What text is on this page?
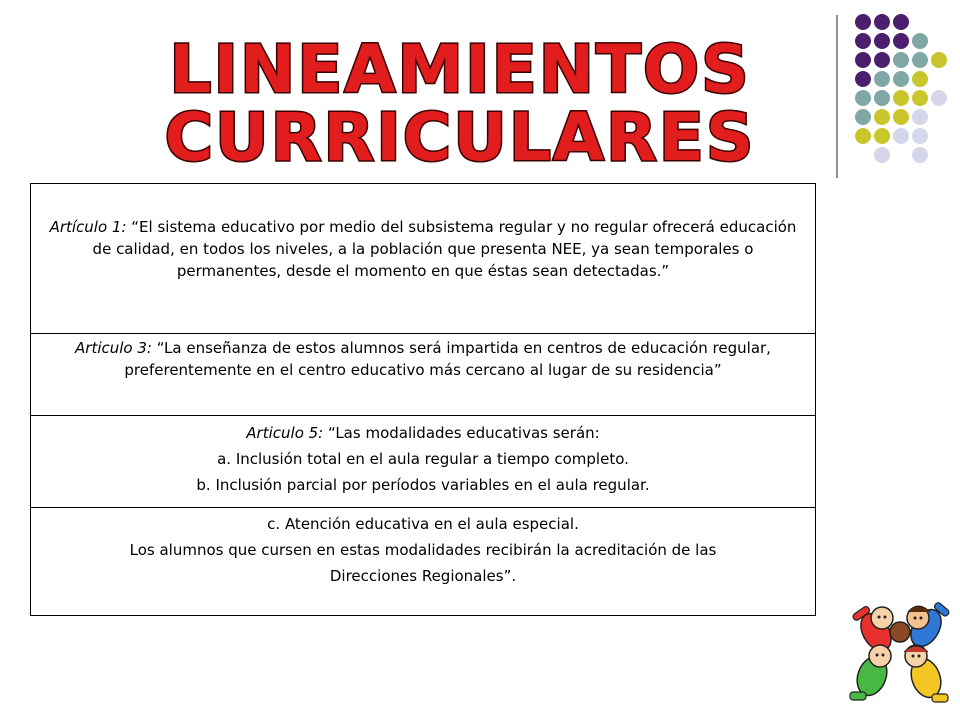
LINEAMIENTOS
CURRICULARES

Artículo 1: “El sistema educativo por medio del subsistema regular y no regular ofrecerá educación de calidad, en todos los niveles, a la población que presenta NEE, ya sean temporales o permanentes, desde el momento en que éstas sean detectadas.”

Articulo 3: “La enseñanza de estos alumnos será impartida en centros de educación regular, preferentemente en el centro educativo más cercano al lugar de su residencia”

Articulo 5: “Las modalidades educativas serán:

a. Inclusión total en el aula regular a tiempo completo.

b. Inclusión parcial por períodos variables en el aula regular.

c. Atención educativa en el aula especial.

Los alumnos que cursen en estas modalidades recibirán la acreditación de las

Direcciones Regionales”.
